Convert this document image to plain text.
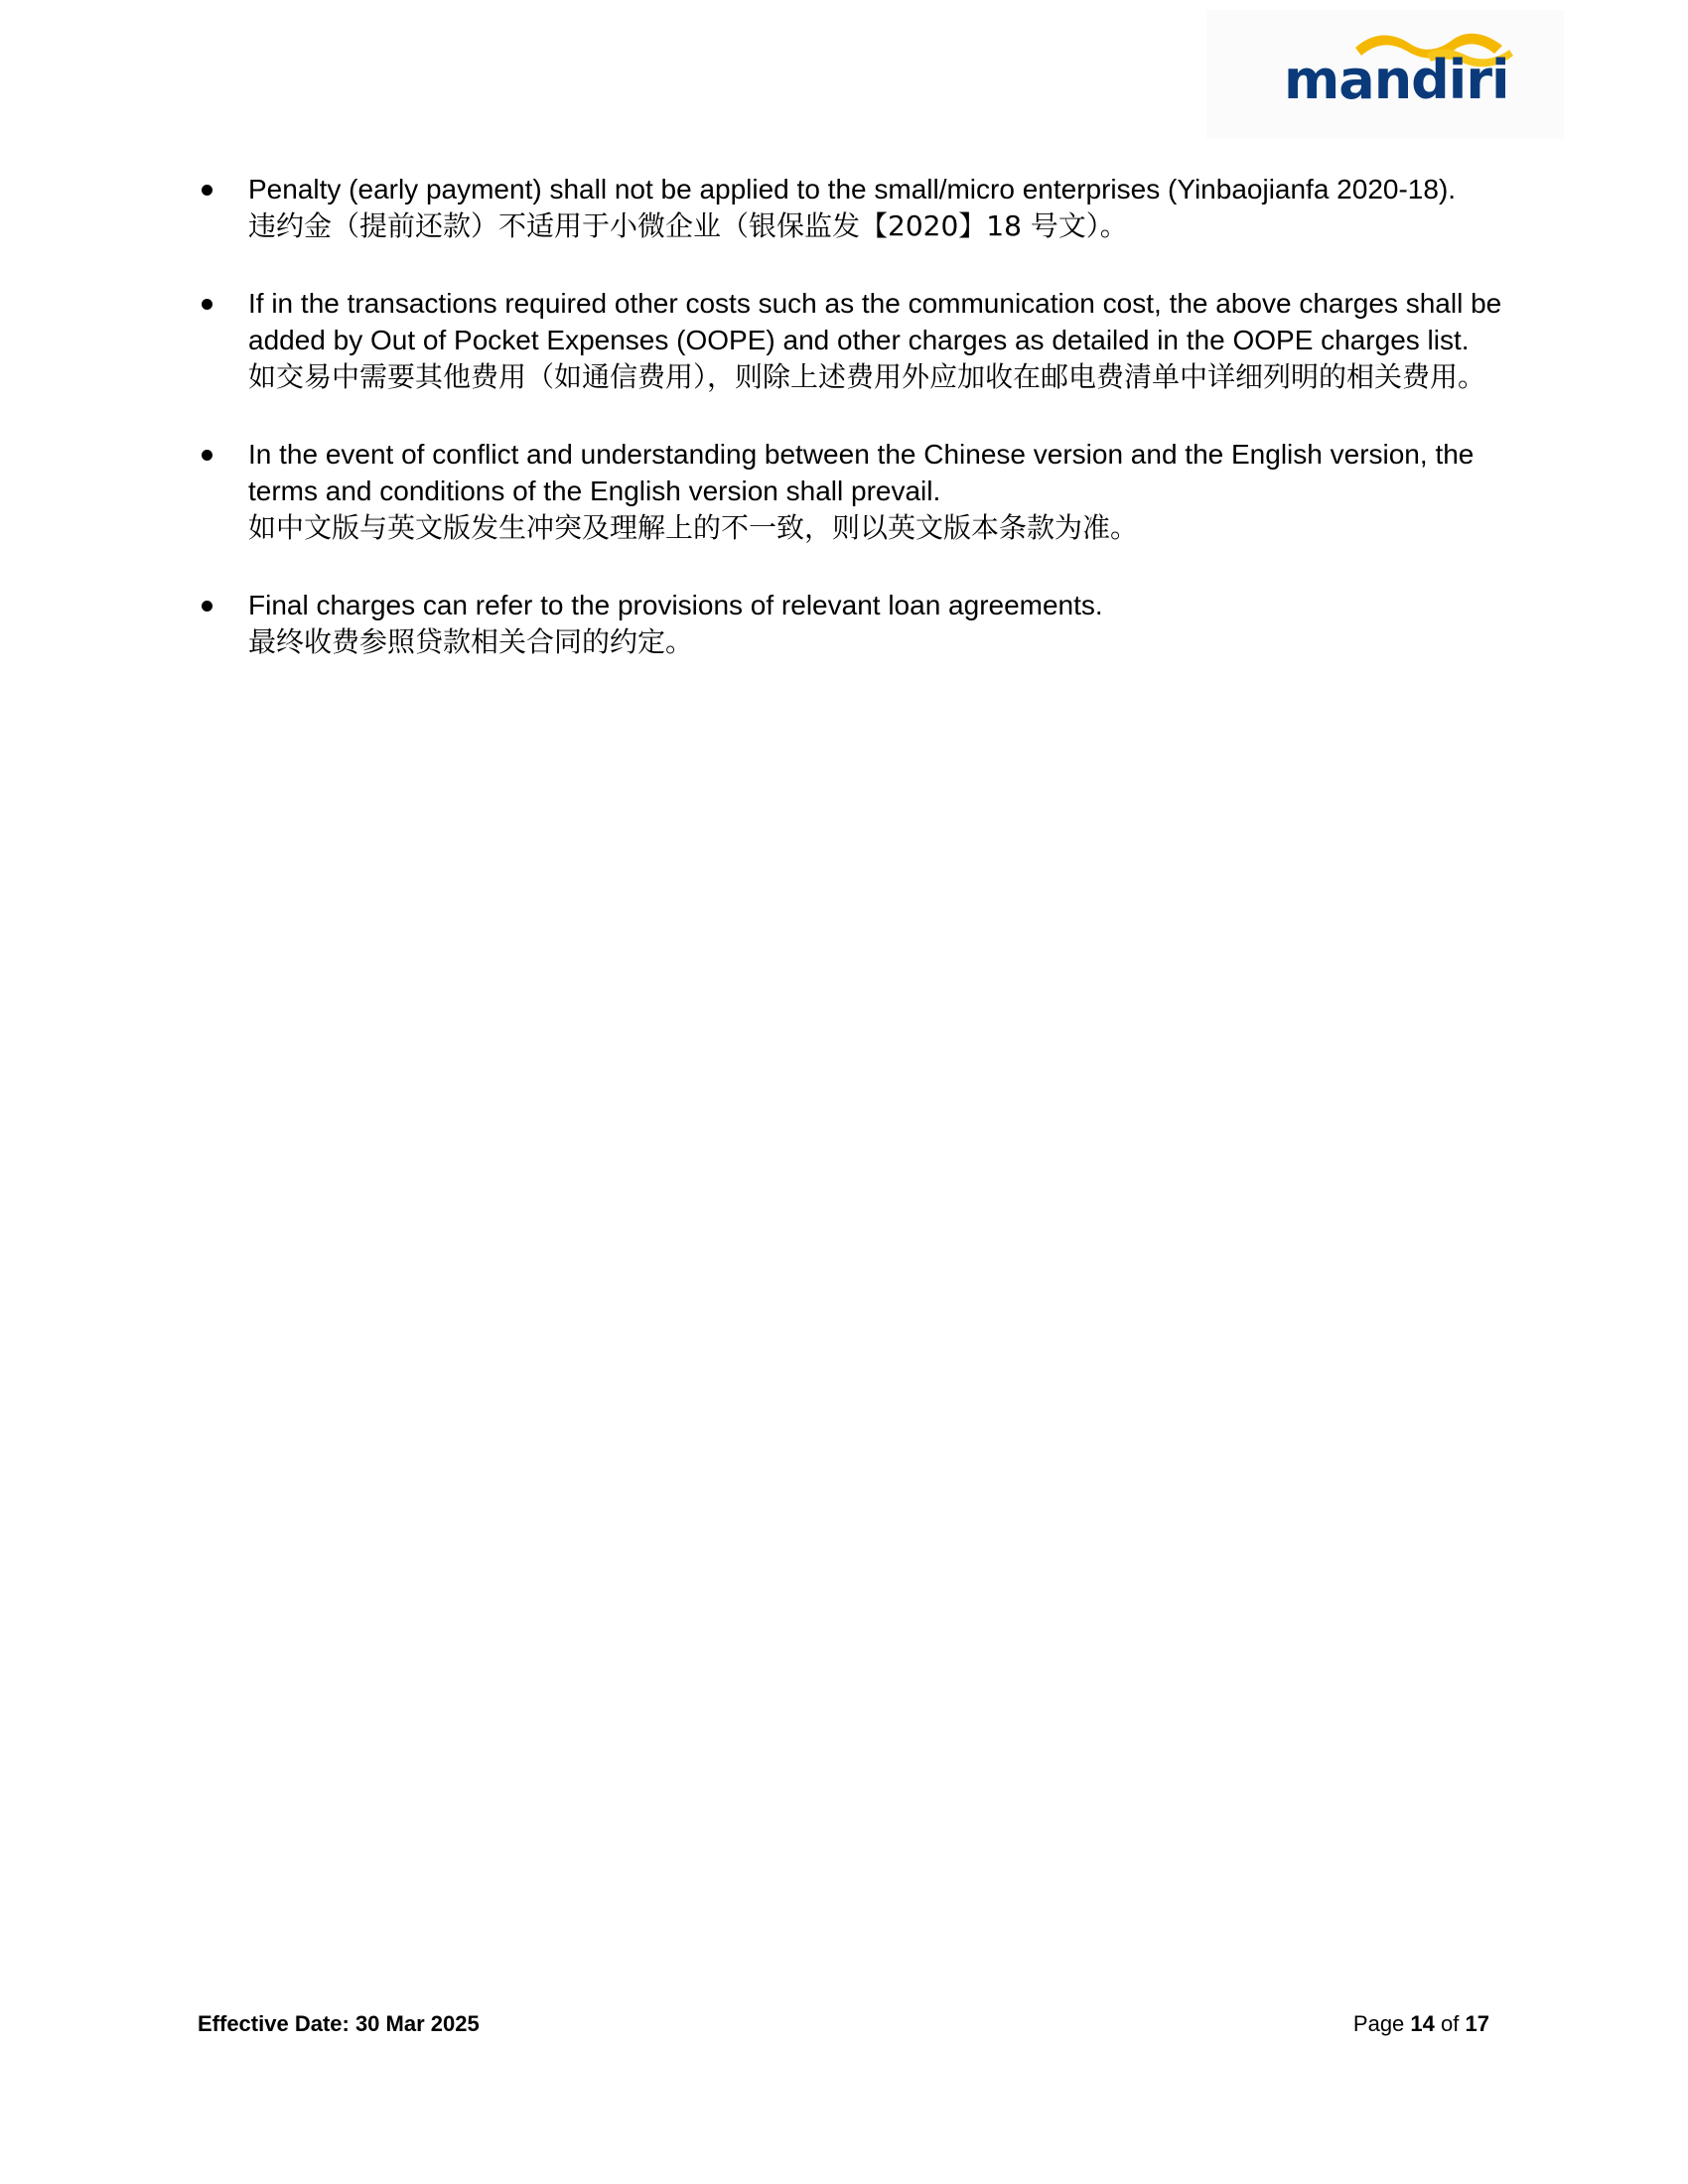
mandiri
Penalty (early payment) shall not be applied to the small/micro enterprises (Yinbaojianfa 2020-18).
违约金（提前还款）不适用于小微企业（银保监发【2020】18 号文）。
If in the transactions required other costs such as the communication cost, the above charges shall be added by Out of Pocket Expenses (OOPE) and other charges as detailed in the OOPE charges list.
如交易中需要其他费用（如通信费用），则除上述费用外应加收在邮电费清单中详细列明的相关费用。
In the event of conflict and understanding between the Chinese version and the English version, the terms and conditions of the English version shall prevail.
如中文版与英文版发生冲突及理解上的不一致，则以英文版本条款为准。
Final charges can refer to the provisions of relevant loan agreements.
最终收费参照贷款相关合同的约定。
Effective Date: 30 Mar 2025	Page 14 of 17
